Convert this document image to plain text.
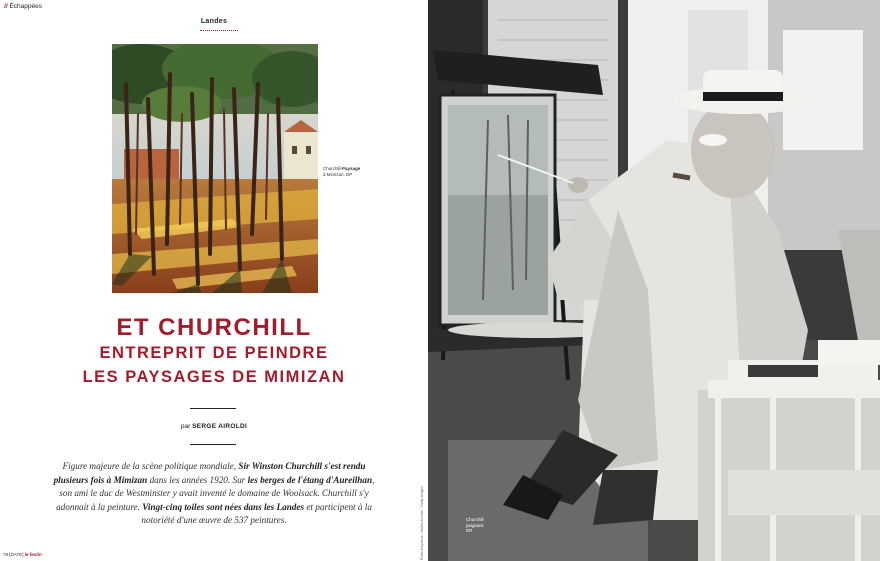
// Échappées
Landes
Churchill-Paysage
à Mimizan. DP
ET CHURCHILL
ENTREPRIT DE PEINDRE
LES PAYSAGES DE MIMIZAN
par SERGE AIROLDI

Figure majeure de la scène politique mondiale, Sir Winston Churchill s'est rendu plusieurs fois à Mimizan dans les années 1920. Sur les berges de l'étang d'Aureilhan, son ami le duc de Westminster y avait inventé le domaine de Woolsack. Churchill s'y adonnait à la peinture. Vingt-cinq toiles sont nées dans les Landes et participent à la notoriété d'une œuvre de 537 peintures.

78 [DATE] le festin	Photo Keystone / Hulton Archive / Getty Images	Churchill
peignant.
DR
